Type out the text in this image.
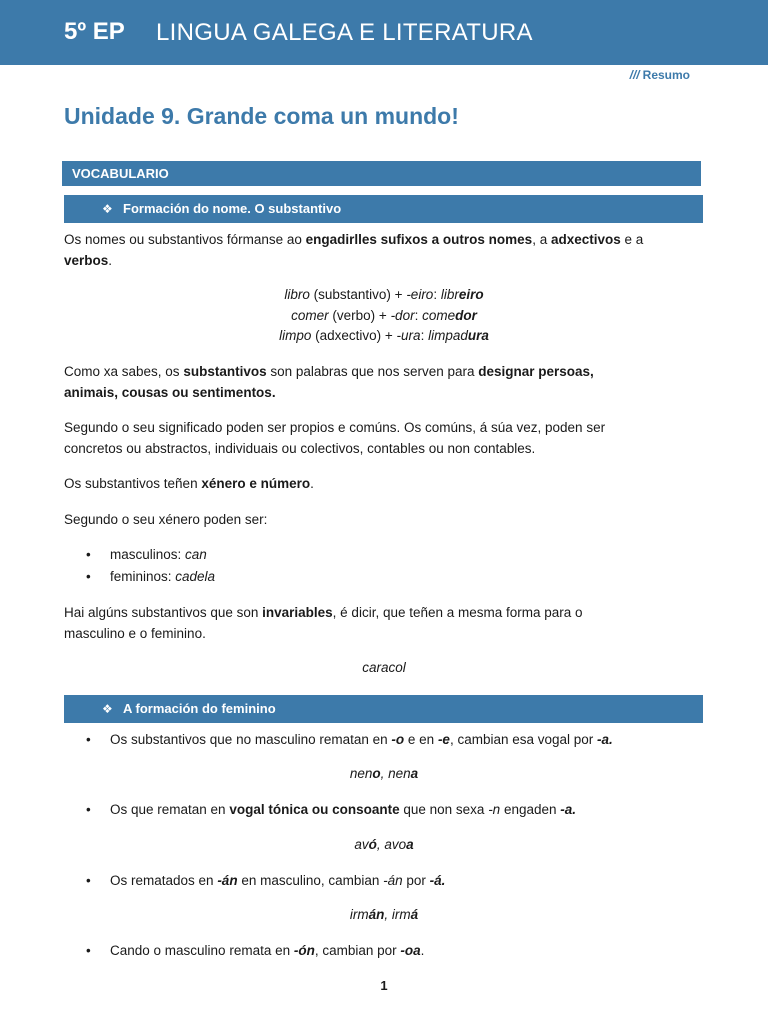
5º EP LINGUA GALEGA E LITERATURA
/// Resumo
Unidade 9. Grande coma un mundo!
VOCABULARIO
❖ Formación do nome. O substantivo
Os nomes ou substantivos fórmanse ao engadirlles sufixos a outros nomes, a adxectivos e a
verbos.
libro (substantivo) + -eiro: libreiro
comer (verbo) + -dor: comedor
limpo (adxectivo) + -ura: limpadura
Como xa sabes, os substantivos son palabras que nos serven para designar persoas,
animais, cousas ou sentimentos.
Segundo o seu significado poden ser propios e comúns. Os comúns, á súa vez, poden ser
concretos ou abstractos, individuais ou colectivos, contables ou non contables.
Os substantivos teñen xénero e número.
Segundo o seu xénero poden ser:
• masculinos: can
• femininos: cadela
Hai algúns substantivos que son invariables, é dicir, que teñen a mesma forma para o
masculino e o feminino.
caracol
❖ A formación do feminino
• Os substantivos que no masculino rematan en -o e en -e, cambian esa vogal por -a.
neno, nena
• Os que rematan en vogal tónica ou consoante que non sexa -n engaden -a.
avó, avoa
• Os rematados en -án en masculino, cambian -án por -á.
irmán, irmá
• Cando o masculino remata en -ón, cambian por -oa.
1
